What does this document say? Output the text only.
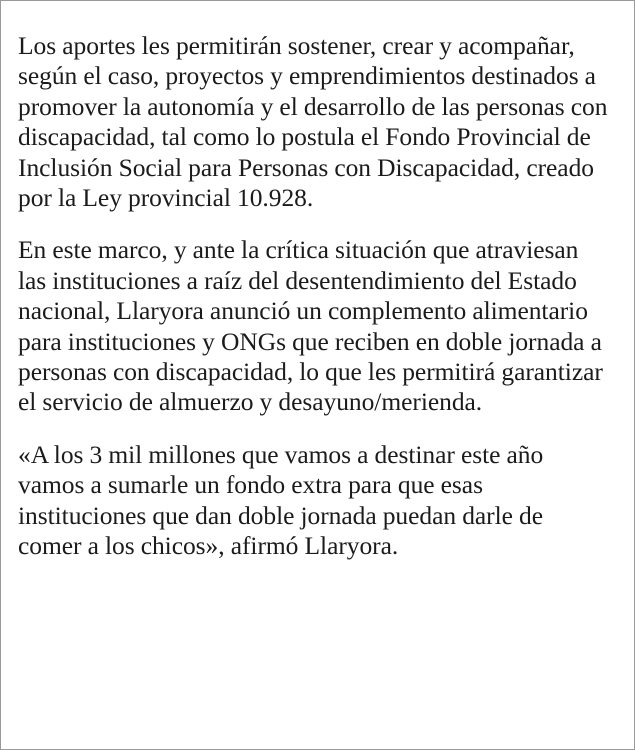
Los aportes les permitirán sostener, crear y acompañar, según el caso, proyectos y emprendimientos destinados a promover la autonomía y el desarrollo de las personas con discapacidad, tal como lo postula el Fondo Provincial de Inclusión Social para Personas con Discapacidad, creado por la Ley provincial 10.928.

En este marco, y ante la crítica situación que atraviesan las instituciones a raíz del desentendimiento del Estado nacional, Llaryora anunció un complemento alimentario para instituciones y ONGs que reciben en doble jornada a personas con discapacidad, lo que les permitirá garantizar el servicio de almuerzo y desayuno/merienda.

«A los 3 mil millones que vamos a destinar este año vamos a sumarle un fondo extra para que esas instituciones que dan doble jornada puedan darle de comer a los chicos», afirmó Llaryora.
